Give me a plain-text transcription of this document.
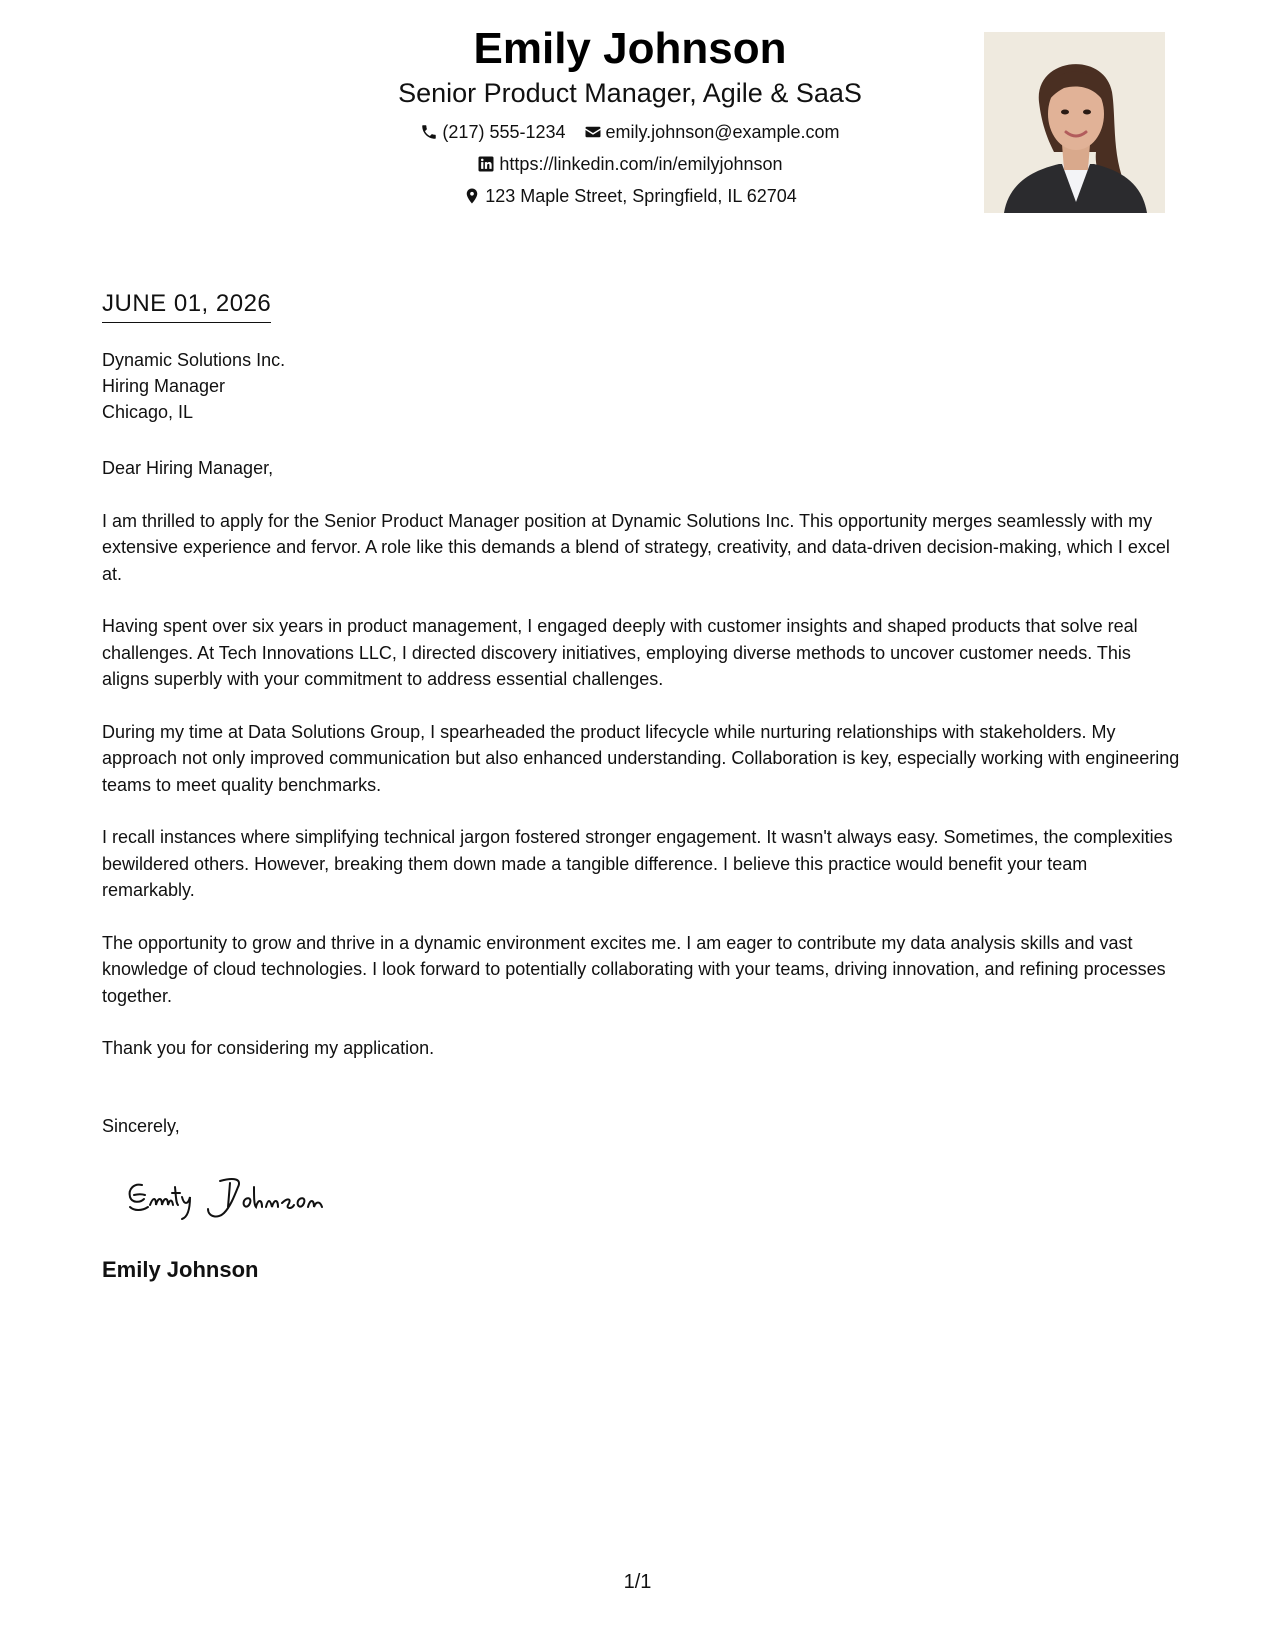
Emily Johnson
Senior Product Manager, Agile & SaaS
(217) 555-1234 emily.johnson@example.com
https://linkedin.com/in/emilyjohnson
123 Maple Street, Springfield, IL 62704
JUNE 01, 2026
Dynamic Solutions Inc.
Hiring Manager
Chicago, IL

Dear Hiring Manager,

I am thrilled to apply for the Senior Product Manager position at Dynamic Solutions Inc. This opportunity merges seamlessly with my extensive experience and fervor. A role like this demands a blend of strategy, creativity, and data-driven decision-making, which I excel at.

Having spent over six years in product management, I engaged deeply with customer insights and shaped products that solve real challenges. At Tech Innovations LLC, I directed discovery initiatives, employing diverse methods to uncover customer needs. This aligns superbly with your commitment to address essential challenges.

During my time at Data Solutions Group, I spearheaded the product lifecycle while nurturing relationships with stakeholders. My approach not only improved communication but also enhanced understanding. Collaboration is key, especially working with engineering teams to meet quality benchmarks.

I recall instances where simplifying technical jargon fostered stronger engagement. It wasn't always easy. Sometimes, the complexities bewildered others. However, breaking them down made a tangible difference. I believe this practice would benefit your team remarkably.

The opportunity to grow and thrive in a dynamic environment excites me. I am eager to contribute my data analysis skills and vast knowledge of cloud technologies. I look forward to potentially collaborating with your teams, driving innovation, and refining processes together.

Thank you for considering my application.

Sincerely,
Emily Johnson
1/1
